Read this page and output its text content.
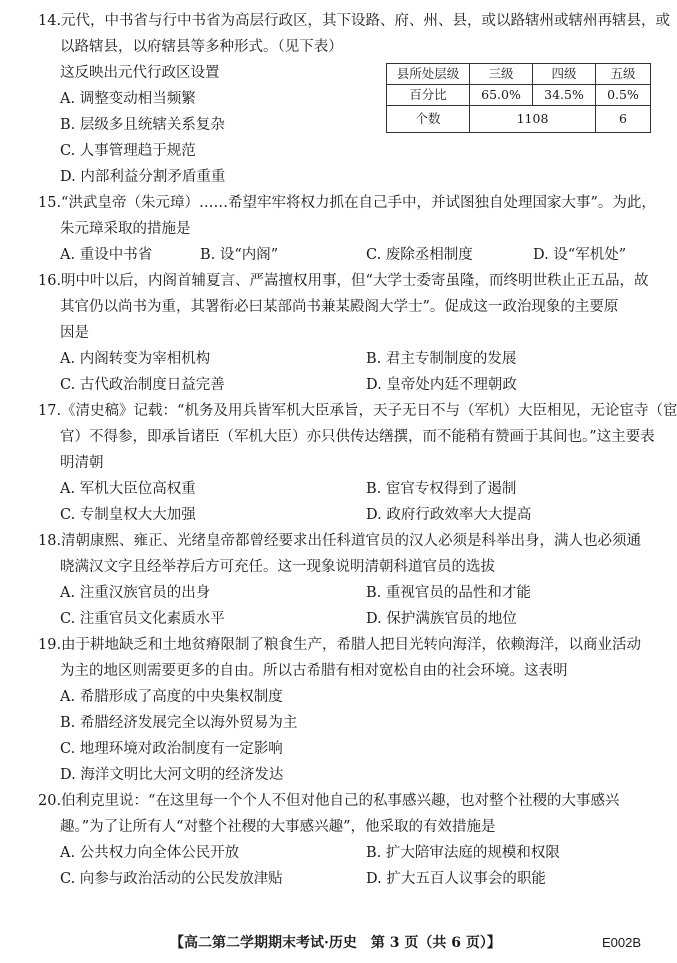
14.元代，中书省与行中书省为高层行政区，其下设路、府、州、县，或以路辖州或辖州再辖县，或
以路辖县，以府辖县等多种形式。（见下表）
这反映出元代行政区设置
A. 调整变动相当频繁
B. 层级多且统辖关系复杂
C. 人事管理趋于规范
D. 内部利益分割矛盾重重
县所处层级	三级	四级	五级
百分比	65.0%	34.5%	0.5%
个数	1108		6
15.“洪武皇帝（朱元璋）……希望牢牢将权力抓在自己手中，并试图独自处理国家大事”。为此，
朱元璋采取的措施是
A. 重设中书省	B. 设“内阁”	C. 废除丞相制度	D. 设“军机处”
16.明中叶以后，内阁首辅夏言、严嵩擅权用事，但“大学士委寄虽隆，而终明世秩止正五品，故
其官仍以尚书为重，其署衔必曰某部尚书兼某殿阁大学士”。促成这一政治现象的主要原
因是
A. 内阁转变为宰相机构	B. 君主专制制度的发展
C. 古代政治制度日益完善	D. 皇帝处内廷不理朝政
17.《清史稿》记载：“机务及用兵皆军机大臣承旨，天子无日不与（军机）大臣相见，无论宦寺（宦
官）不得参，即承旨诸臣（军机大臣）亦只供传达缮撰，而不能稍有赞画于其间也。”这主要表
明清朝
A. 军机大臣位高权重	B. 宦官专权得到了遏制
C. 专制皇权大大加强	D. 政府行政效率大大提高
18.清朝康熙、雍正、光绪皇帝都曾经要求出任科道官员的汉人必须是科举出身，满人也必须通
晓满汉文字且经举荐后方可充任。这一现象说明清朝科道官员的选拔
A. 注重汉族官员的出身	B. 重视官员的品性和才能
C. 注重官员文化素质水平	D. 保护满族官员的地位
19.由于耕地缺乏和土地贫瘠限制了粮食生产，希腊人把目光转向海洋，依赖海洋，以商业活动
为主的地区则需要更多的自由。所以古希腊有相对宽松自由的社会环境。这表明
A. 希腊形成了高度的中央集权制度
B. 希腊经济发展完全以海外贸易为主
C. 地理环境对政治制度有一定影响
D. 海洋文明比大河文明的经济发达
20.伯利克里说：“在这里每一个个人不但对他自己的私事感兴趣，也对整个社稷的大事感兴
趣。”为了让所有人“对整个社稷的大事感兴趣”，他采取的有效措施是
A. 公共权力向全体公民开放	B. 扩大陪审法庭的规模和权限
C. 向参与政治活动的公民发放津贴	D. 扩大五百人议事会的职能
【高二第二学期期末考试·历史　第 3 页（共 6 页）】	E002B
